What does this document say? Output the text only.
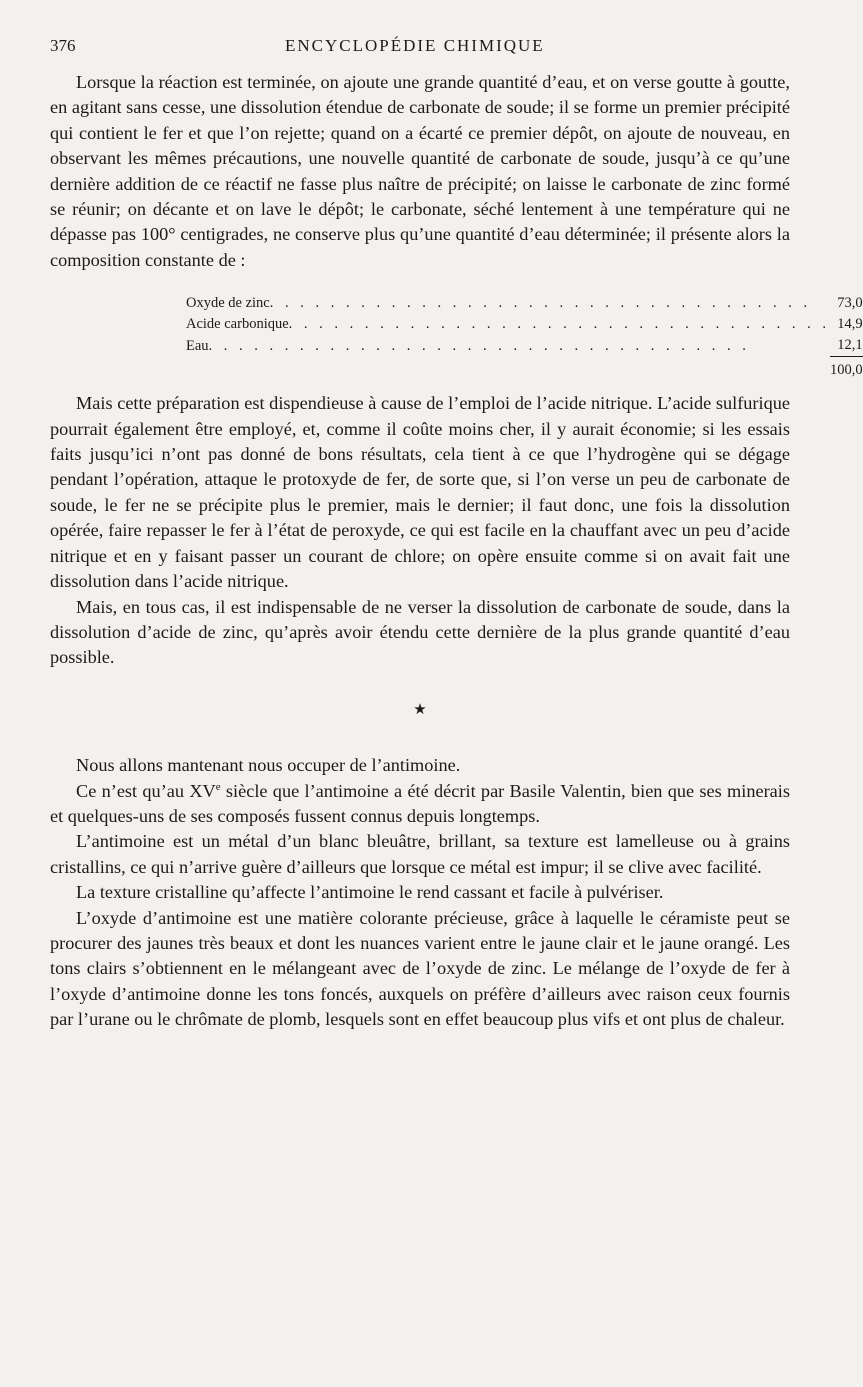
376	ENCYCLOPÉDIE CHIMIQUE

Lorsque la réaction est terminée, on ajoute une grande quantité d’eau, et on verse goutte à goutte, en agitant sans cesse, une dissolution étendue de carbonate de soude; il se forme un premier précipité qui contient le fer et que l’on rejette; quand on a écarté ce premier dépôt, on ajoute de nouveau, en observant les mêmes précautions, une nouvelle quantité de carbonate de soude, jusqu’à ce qu’une dernière addition de ce réactif ne fasse plus naître de précipité; on laisse le carbonate de zinc formé se réunir; on décante et on lave le dépôt; le carbonate, séché lentement à une température qui ne dépasse pas 100° centigrades, ne conserve plus qu’une quantité d’eau déterminée; il présente alors la composition constante de :

Oxyde de zinc. . . . . . . . . . . . . . . . . . . . . . . . . . . . . . . . . . . .	73,0
Acide carbonique. . . . . . . . . . . . . . . . . . . . . . . . . . . . . . . . . . . .	14,9
Eau. . . . . . . . . . . . . . . . . . . . . . . . . . . . . . . . . . . .	12,1
	100,0

Mais cette préparation est dispendieuse à cause de l’emploi de l’acide nitrique. L’acide sulfurique pourrait également être employé, et, comme il coûte moins cher, il y aurait économie; si les essais faits jusqu’ici n’ont pas donné de bons résultats, cela tient à ce que l’hydrogène qui se dégage pendant l’opération, attaque le protoxyde de fer, de sorte que, si l’on verse un peu de carbonate de soude, le fer ne se précipite plus le premier, mais le dernier; il faut donc, une fois la dissolution opérée, faire repasser le fer à l’état de peroxyde, ce qui est facile en la chauffant avec un peu d’acide nitrique et en y faisant passer un courant de chlore; on opère ensuite comme si on avait fait une dissolution dans l’acide nitrique.

Mais, en tous cas, il est indispensable de ne verser la dissolution de carbonate de soude, dans la dissolution d’acide de zinc, qu’après avoir étendu cette dernière de la plus grande quantité d’eau possible.

★

Nous allons mantenant nous occuper de l’antimoine.

Ce n’est qu’au XVe siècle que l’antimoine a été décrit par Basile Valentin, bien que ses minerais et quelques-uns de ses composés fussent connus depuis longtemps.

L’antimoine est un métal d’un blanc bleuâtre, brillant, sa texture est lamelleuse ou à grains cristallins, ce qui n’arrive guère d’ailleurs que lorsque ce métal est impur; il se clive avec facilité.

La texture cristalline qu’affecte l’antimoine le rend cassant et facile à pulvériser.

L’oxyde d’antimoine est une matière colorante précieuse, grâce à laquelle le céramiste peut se procurer des jaunes très beaux et dont les nuances varient entre le jaune clair et le jaune orangé. Les tons clairs s’obtiennent en le mélangeant avec de l’oxyde de zinc. Le mélange de l’oxyde de fer à l’oxyde d’antimoine donne les tons foncés, auxquels on préfère d’ailleurs avec raison ceux fournis par l’urane ou le chrômate de plomb, lesquels sont en effet beaucoup plus vifs et ont plus de chaleur.
